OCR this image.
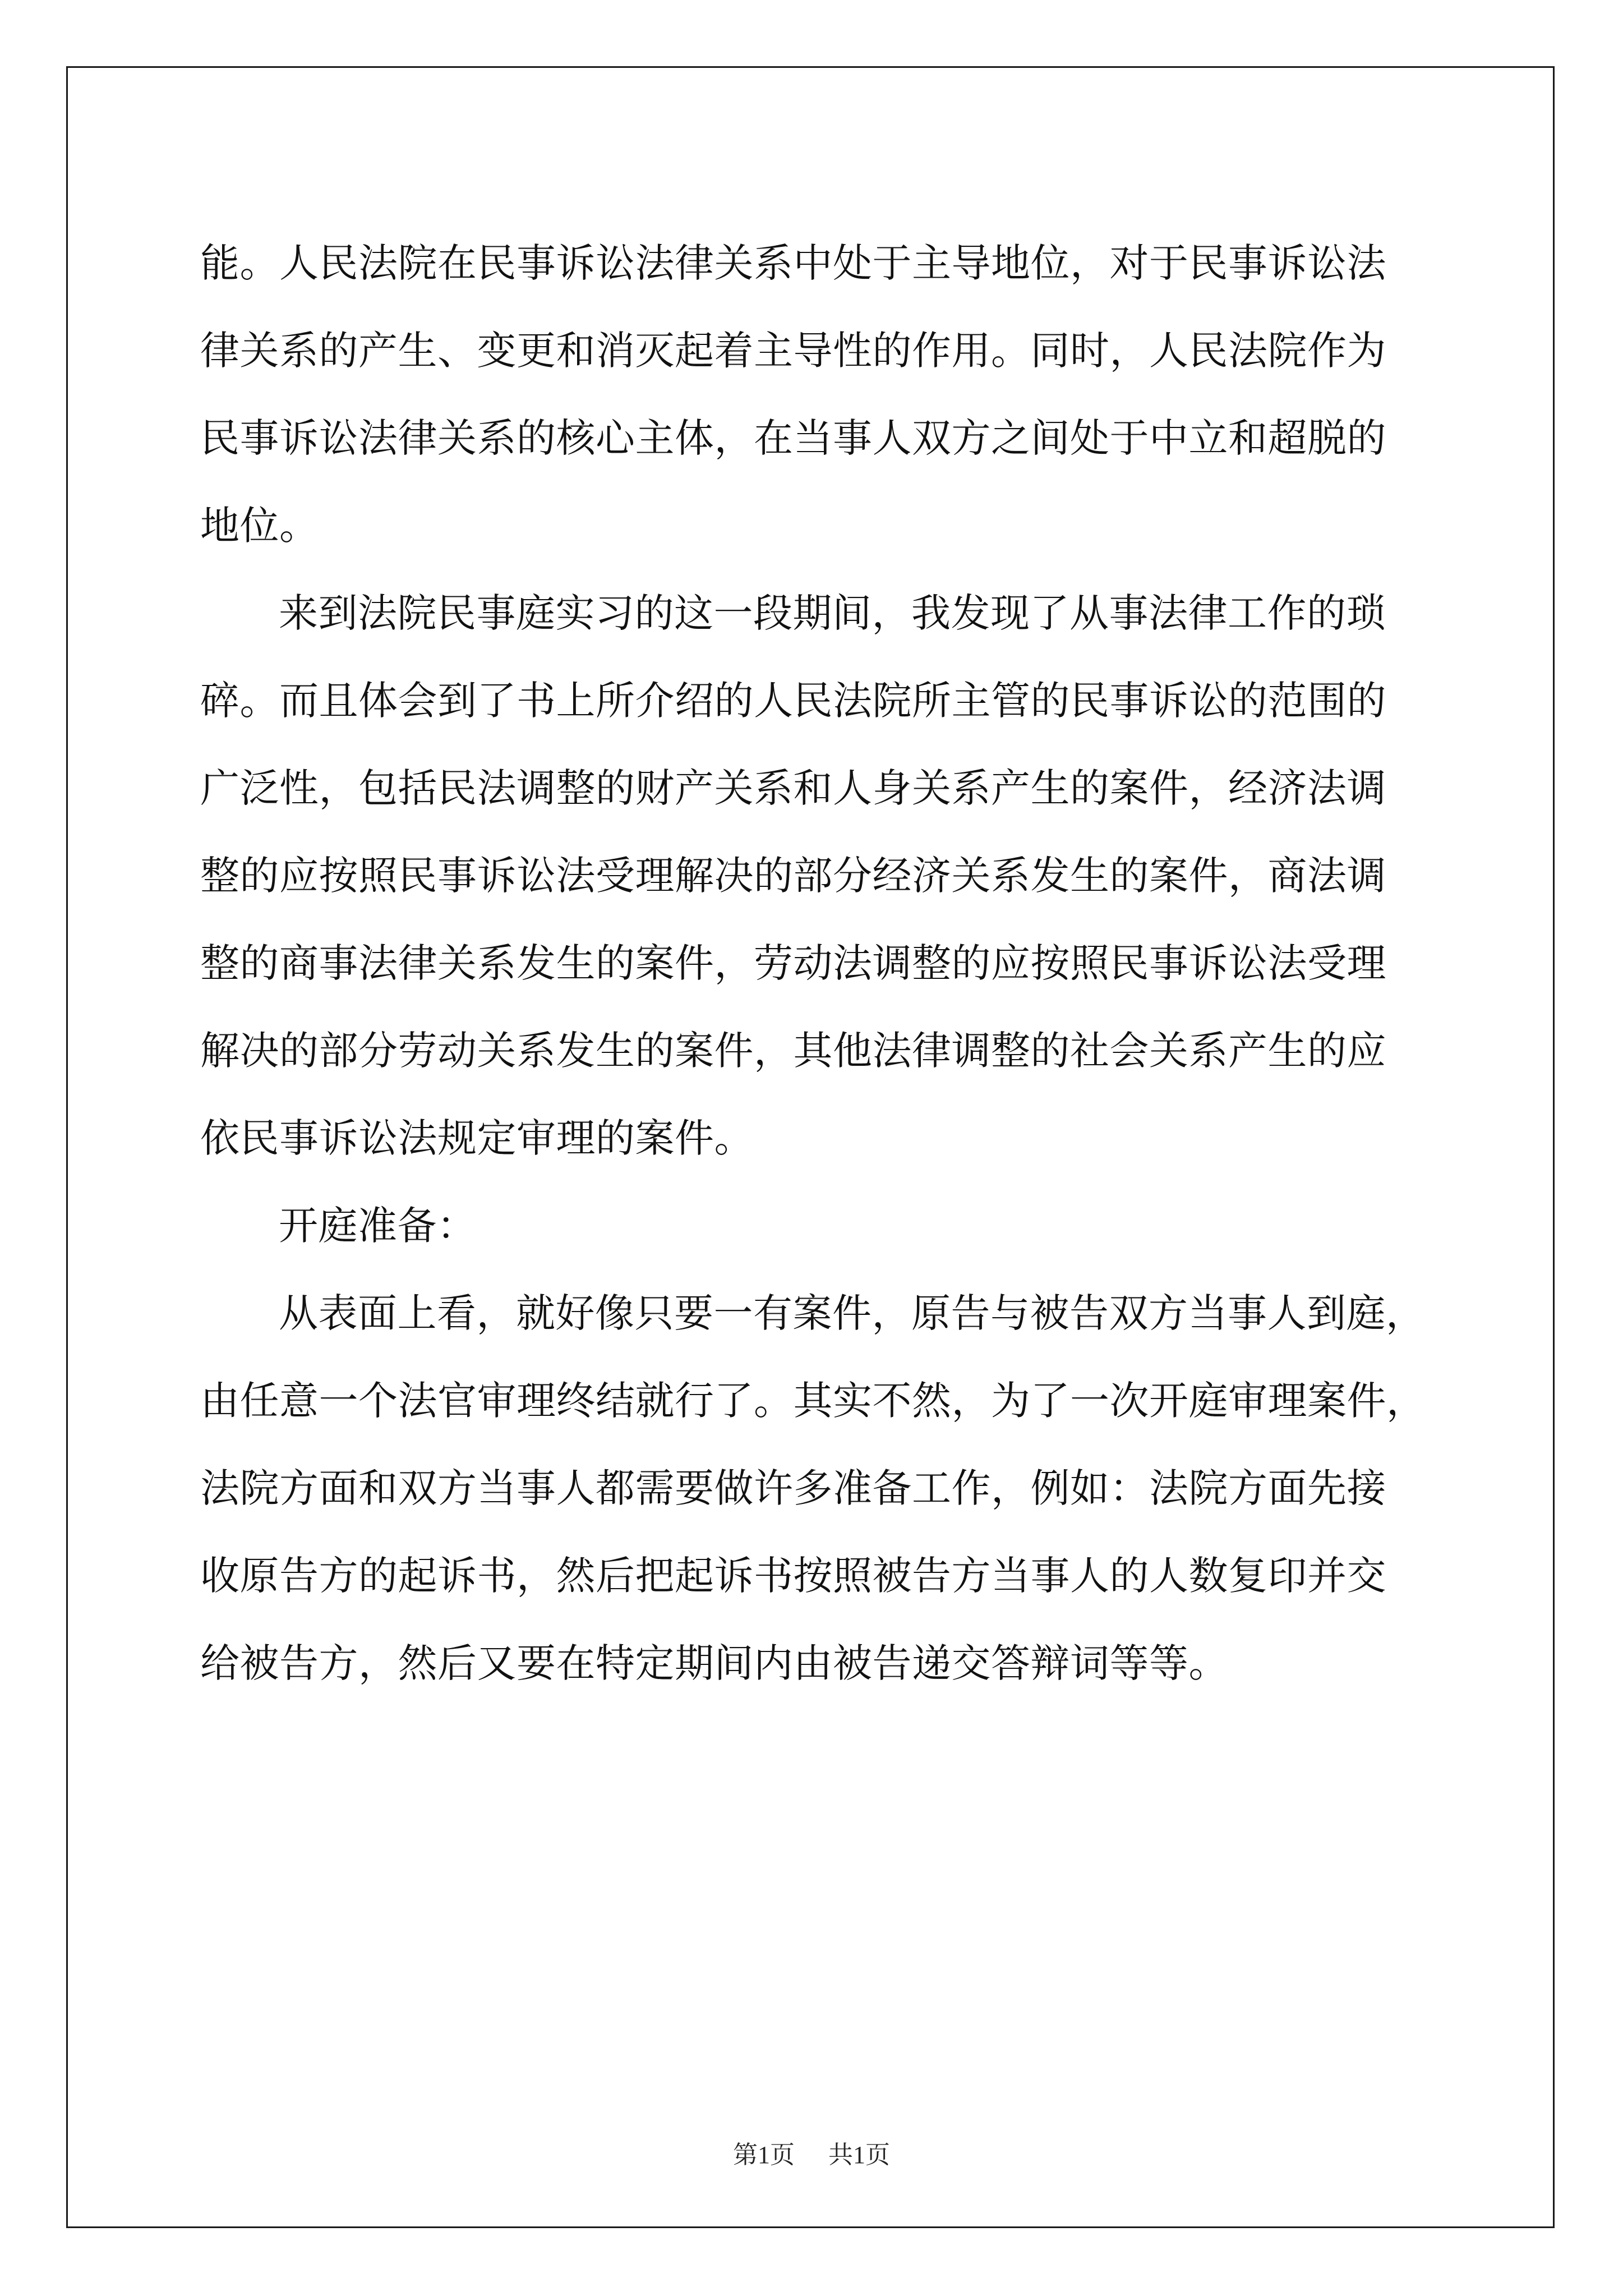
能。人民法院在民事诉讼法律关系中处于主导地位，对于民事诉讼法
律关系的产生、变更和消灭起着主导性的作用。同时，人民法院作为
民事诉讼法律关系的核心主体，在当事人双方之间处于中立和超脱的
地位。
来到法院民事庭实习的这一段期间，我发现了从事法律工作的琐
碎。而且体会到了书上所介绍的人民法院所主管的民事诉讼的范围的
广泛性，包括民法调整的财产关系和人身关系产生的案件，经济法调
整的应按照民事诉讼法受理解决的部分经济关系发生的案件，商法调
整的商事法律关系发生的案件，劳动法调整的应按照民事诉讼法受理
解决的部分劳动关系发生的案件，其他法律调整的社会关系产生的应
依民事诉讼法规定审理的案件。
开庭准备：
从表面上看，就好像只要一有案件，原告与被告双方当事人到庭，
由任意一个法官审理终结就行了。其实不然，为了一次开庭审理案件，
法院方面和双方当事人都需要做许多准备工作，例如：法院方面先接
收原告方的起诉书，然后把起诉书按照被告方当事人的人数复印并交
给被告方，然后又要在特定期间内由被告递交答辩词等等。
第1页 共1页
